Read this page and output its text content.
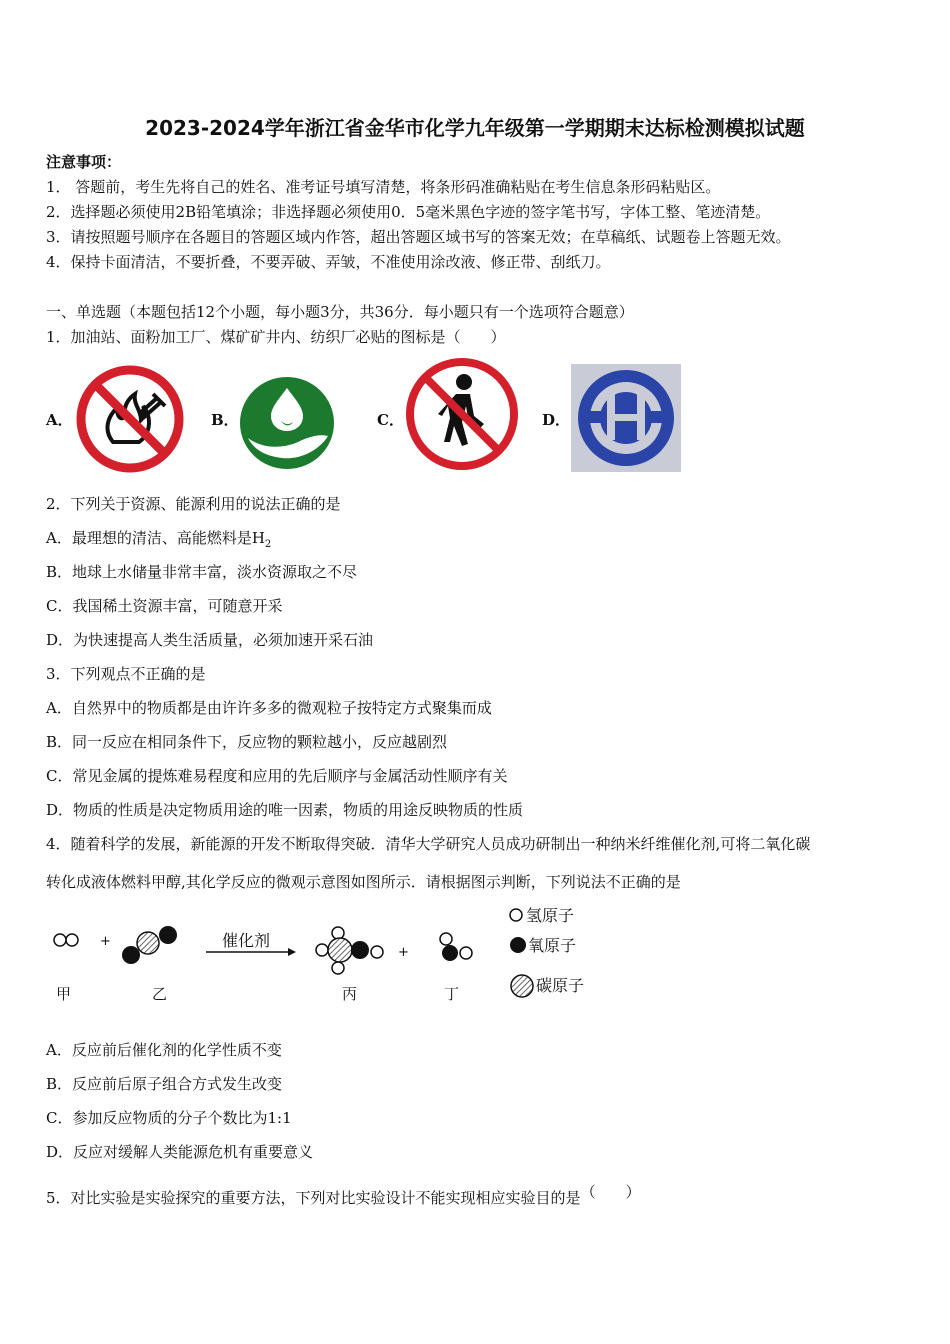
2023-2024学年浙江省金华市化学九年级第一学期期末达标检测模拟试题
注意事项：
1． 答题前，考生先将自己的姓名、准考证号填写清楚，将条形码准确粘贴在考生信息条形码粘贴区。
2．选择题必须使用2B铅笔填涂；非选择题必须使用0．5毫米黑色字迹的签字笔书写，字体工整、笔迹清楚。
3．请按照题号顺序在各题目的答题区域内作答，超出答题区域书写的答案无效；在草稿纸、试题卷上答题无效。
4．保持卡面清洁，不要折叠，不要弄破、弄皱，不准使用涂改液、修正带、刮纸刀。
一、单选题（本题包括12个小题，每小题3分，共36分．每小题只有一个选项符合题意）
1．加油站、面粉加工厂、煤矿矿井内、纺织厂必贴的图标是（　　）
A．	B．	C．	D．
2．下列关于资源、能源利用的说法正确的是
A．最理想的清洁、高能燃料是$H_2$
B．地球上水储量非常丰富，淡水资源取之不尽
C．我国稀土资源丰富，可随意开采
D．为快速提高人类生活质量，必须加速开采石油
3．下列观点不正确的是
A．自然界中的物质都是由许许多多的微观粒子按特定方式聚集而成
B．同一反应在相同条件下，反应物的颗粒越小，反应越剧烈
C．常见金属的提炼难易程度和应用的先后顺序与金属活动性顺序有关
D．物质的性质是决定物质用途的唯一因素，物质的用途反映物质的性质
4．随着科学的发展，新能源的开发不断取得突破．清华大学研究人员成功研制出一种纳米纤维催化剂,可将二氧化碳
转化成液体燃料甲醇,其化学反应的微观示意图如图所示．请根据图示判断，下列说法不正确的是
+	催化剂
+
甲	乙	丙	丁
氢原子
氧原子
碳原子
A．反应前后催化剂的化学性质不变
B．反应前后原子组合方式发生改变
C．参加反应物质的分子个数比为1:1
D．反应对缓解人类能源危机有重要意义
5．对比实验是实验探究的重要方法，下列对比实验设计不能实现相应实验目的是（　　）
